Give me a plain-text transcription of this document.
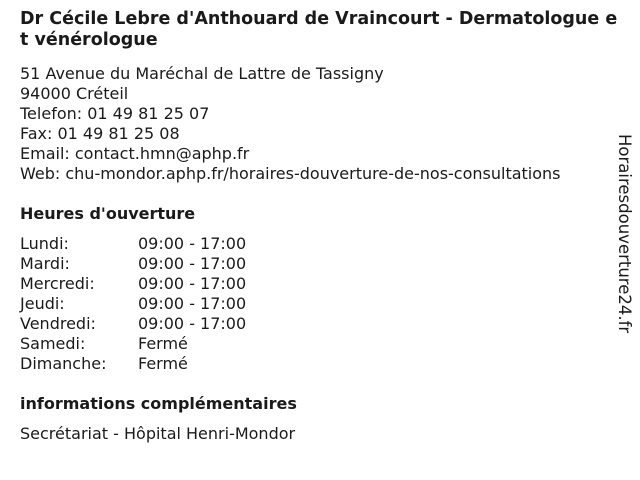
Dr Cécile Lebre d'Anthouard de Vraincourt - Dermatologue et vénérologue
51 Avenue du Maréchal de Lattre de Tassigny
94000 Créteil
Telefon: 01 49 81 25 07
Fax: 01 49 81 25 08
Email: contact.hmn@aphp.fr
Web: chu-mondor.aphp.fr/horaires-douverture-de-nos-consultations
Heures d'ouverture
Lundi:	09:00 - 17:00
Mardi:	09:00 - 17:00
Mercredi:	09:00 - 17:00
Jeudi:	09:00 - 17:00
Vendredi:	09:00 - 17:00
Samedi:	Fermé
Dimanche:	Fermé
informations complémentaires
Secrétariat - Hôpital Henri-Mondor
Horairesdouverture24.fr
